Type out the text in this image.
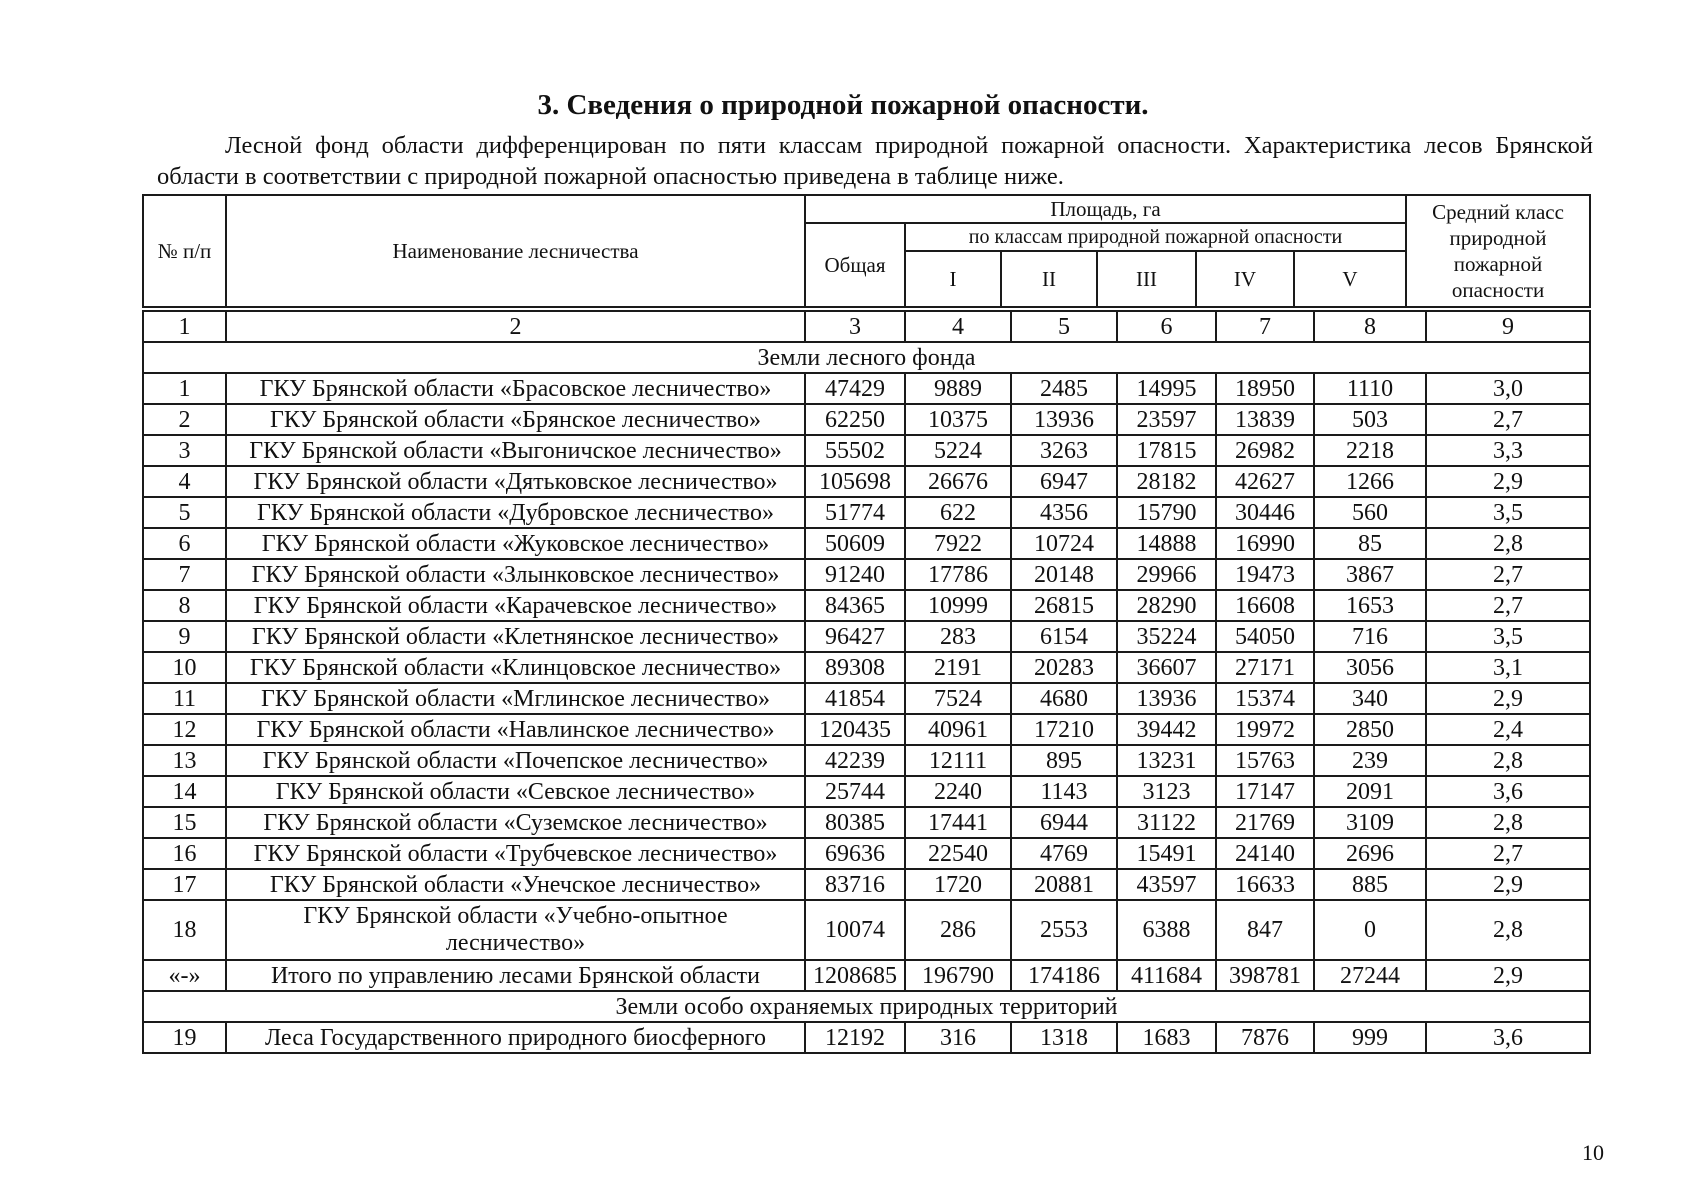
3. Сведения о природной пожарной опасности.

Лесной фонд области дифференцирован по пяти классам природной пожарной опасности. Характеристика лесов Брянской области в соответствии с природной пожарной опасностью приведена в таблице ниже.

№ п/п	Наименование лесничества	Площадь, га						Средний класс природной пожарной опасности
		Общая	по классам природной пожарной опасности					
			I	II	III	IV	V	
1	2	3	4	5	6	7	8	9
Земли лесного фонда								
1	ГКУ Брянской области «Брасовское лесничество»	47429	9889	2485	14995	18950	1110	3,0
2	ГКУ Брянской области «Брянское лесничество»	62250	10375	13936	23597	13839	503	2,7
3	ГКУ Брянской области «Выгоничское лесничество»	55502	5224	3263	17815	26982	2218	3,3
4	ГКУ Брянской области «Дятьковское лесничество»	105698	26676	6947	28182	42627	1266	2,9
5	ГКУ Брянской области «Дубровское лесничество»	51774	622	4356	15790	30446	560	3,5
6	ГКУ Брянской области «Жуковское лесничество»	50609	7922	10724	14888	16990	85	2,8
7	ГКУ Брянской области «Злынковское лесничество»	91240	17786	20148	29966	19473	3867	2,7
8	ГКУ Брянской области «Карачевское лесничество»	84365	10999	26815	28290	16608	1653	2,7
9	ГКУ Брянской области «Клетнянское лесничество»	96427	283	6154	35224	54050	716	3,5
10	ГКУ Брянской области «Клинцовское лесничество»	89308	2191	20283	36607	27171	3056	3,1
11	ГКУ Брянской области «Мглинское лесничество»	41854	7524	4680	13936	15374	340	2,9
12	ГКУ Брянской области «Навлинское лесничество»	120435	40961	17210	39442	19972	2850	2,4
13	ГКУ Брянской области «Почепское лесничество»	42239	12111	895	13231	15763	239	2,8
14	ГКУ Брянской области «Севское лесничество»	25744	2240	1143	3123	17147	2091	3,6
15	ГКУ Брянской области «Суземское лесничество»	80385	17441	6944	31122	21769	3109	2,8
16	ГКУ Брянской области «Трубчевское лесничество»	69636	22540	4769	15491	24140	2696	2,7
17	ГКУ Брянской области «Унечское лесничество»	83716	1720	20881	43597	16633	885	2,9
18	ГКУ Брянской области «Учебно-опытное лесничество»	10074	286	2553	6388	847	0	2,8
«-»	Итого по управлению лесами Брянской области	1208685	196790	174186	411684	398781	27244	2,9
Земли особо охраняемых природных территорий								
19	Леса Государственного природного биосферного	12192	316	1318	1683	7876	999	3,6
10
